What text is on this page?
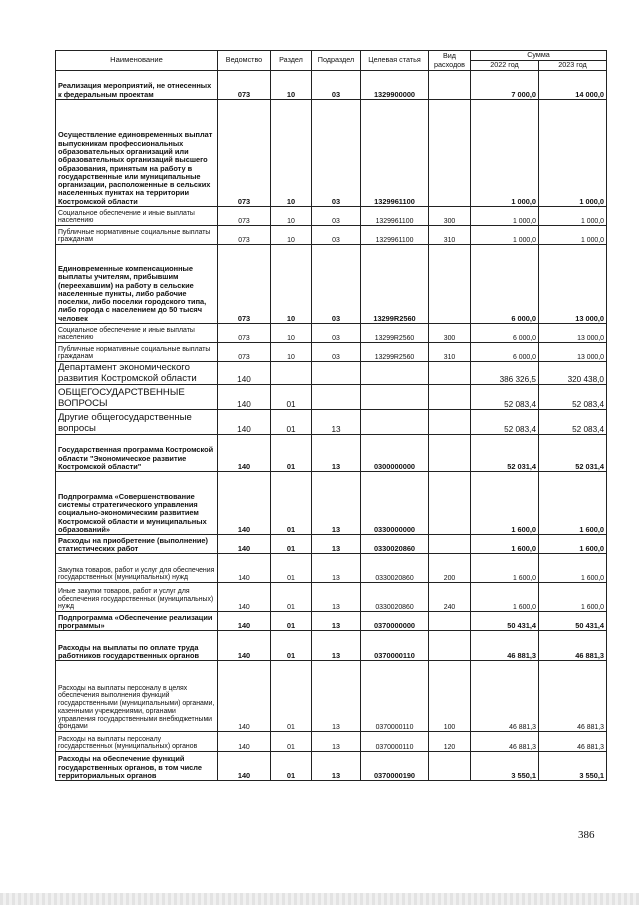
Наименование	Ведомство	Раздел	Подраздел	Целевая статья	Вид расходов	Сумма	
						2022 год	2023 год
Реализация мероприятий, не отнесенных к федеральным проектам	073	10	03	1329900000		7 000,0	14 000,0
Осуществление единовременных выплат выпускникам профессиональных образовательных организаций или образовательных организаций высшего образования, принятым на работу в государственные или муниципальные организации, расположенные в сельских населенных пунктах на территории Костромской области	073	10	03	1329961100		1 000,0	1 000,0
Социальное обеспечение и иные выплаты населению	073	10	03	1329961100	300	1 000,0	1 000,0
Публичные нормативные социальные выплаты гражданам	073	10	03	1329961100	310	1 000,0	1 000,0
Единовременные компенсационные выплаты учителям, прибывшим (переехавшим) на работу в сельские населенные пункты, либо рабочие поселки, либо поселки городского типа, либо города с населением до 50 тысяч человек	073	10	03	13299R2560		6 000,0	13 000,0
Социальное обеспечение и иные выплаты населению	073	10	03	13299R2560	300	6 000,0	13 000,0
Публичные нормативные социальные выплаты гражданам	073	10	03	13299R2560	310	6 000,0	13 000,0
Департамент экономического развития Костромской области	140					386 326,5	320 438,0
ОБЩЕГОСУДАРСТВЕННЫЕ ВОПРОСЫ	140	01				52 083,4	52 083,4
Другие общегосударственные вопросы	140	01	13			52 083,4	52 083,4
Государственная программа Костромской области "Экономическое развитие Костромской области"	140	01	13	0300000000		52 031,4	52 031,4
Подпрограмма «Совершенствование системы стратегического управления социально-экономическим развитием Костромской области и муниципальных образований»	140	01	13	0330000000		1 600,0	1 600,0
Расходы на приобретение (выполнение) статистических работ	140	01	13	0330020860		1 600,0	1 600,0
Закупка товаров, работ и услуг для обеспечения государственных (муниципальных) нужд	140	01	13	0330020860	200	1 600,0	1 600,0
Иные закупки товаров, работ и услуг для обеспечения государственных (муниципальных) нужд	140	01	13	0330020860	240	1 600,0	1 600,0
Подпрограмма «Обеспечение реализации программы»	140	01	13	0370000000		50 431,4	50 431,4
Расходы на выплаты по оплате труда работников государственных органов	140	01	13	0370000110		46 881,3	46 881,3
Расходы на выплаты персоналу в целях обеспечения выполнения функций государственными (муниципальными) органами, казенными учреждениями, органами управления государственными внебюджетными фондами	140	01	13	0370000110	100	46 881,3	46 881,3
Расходы на выплаты персоналу государственных (муниципальных) органов	140	01	13	0370000110	120	46 881,3	46 881,3
Расходы на обеспечение функций государственных органов, в том числе территориальных органов	140	01	13	0370000190		3 550,1	3 550,1
386
